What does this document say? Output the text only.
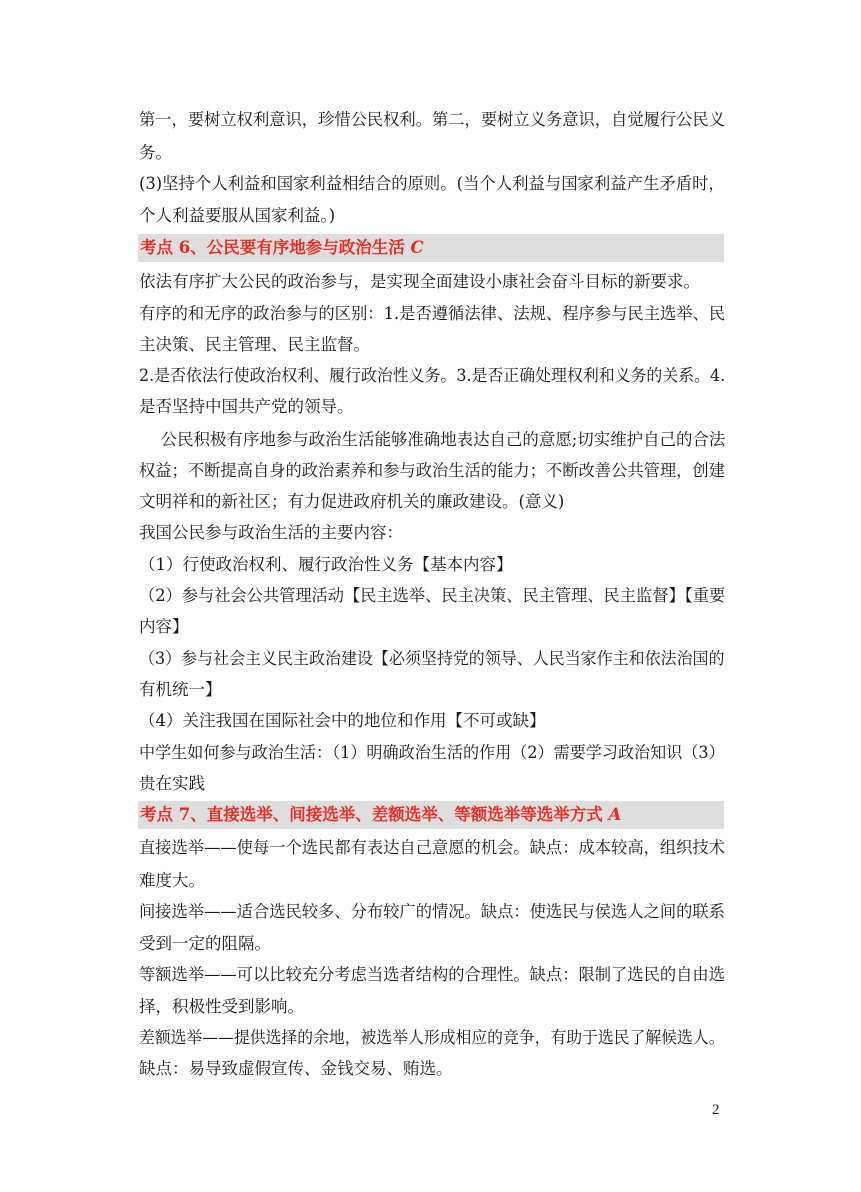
第一，要树立权利意识，珍惜公民权利。第二，要树立义务意识，自觉履行公民义
务。
(3)坚持个人利益和国家利益相结合的原则。(当个人利益与国家利益产生矛盾时，
个人利益要服从国家利益。)
考点 6、公民要有序地参与政治生活 C
依法有序扩大公民的政治参与，是实现全面建设小康社会奋斗目标的新要求。
有序的和无序的政治参与的区别：1.是否遵循法律、法规、程序参与民主选举、民
主决策、民主管理、民主监督。
2.是否依法行使政治权利、履行政治性义务。3.是否正确处理权利和义务的关系。4.
是否坚持中国共产党的领导。
　 公民积极有序地参与政治生活能够准确地表达自己的意愿;切实维护自己的合法
权益；不断提高自身的政治素养和参与政治生活的能力；不断改善公共管理，创建
文明祥和的新社区；有力促进政府机关的廉政建设。(意义)
我国公民参与政治生活的主要内容：
（1）行使政治权利、履行政治性义务【基本内容】
（2）参与社会公共管理活动【民主选举、民主决策、民主管理、民主监督】【重要
内容】
（3）参与社会主义民主政治建设【必须坚持党的领导、人民当家作主和依法治国的
有机统一】
（4）关注我国在国际社会中的地位和作用【不可或缺】
中学生如何参与政治生活：（1）明确政治生活的作用（2）需要学习政治知识（3）
贵在实践
考点 7、直接选举、间接选举、差额选举、等额选举等选举方式 A
直接选举——使每一个选民都有表达自己意愿的机会。缺点：成本较高，组织技术
难度大。
间接选举——适合选民较多、分布较广的情况。缺点：使选民与侯选人之间的联系
受到一定的阻隔。
等额选举——可以比较充分考虑当选者结构的合理性。缺点：限制了选民的自由选
择，积极性受到影响。
差额选举——提供选择的余地，被选举人形成相应的竞争，有助于选民了解候选人。
缺点：易导致虚假宣传、金钱交易、贿选。
2
